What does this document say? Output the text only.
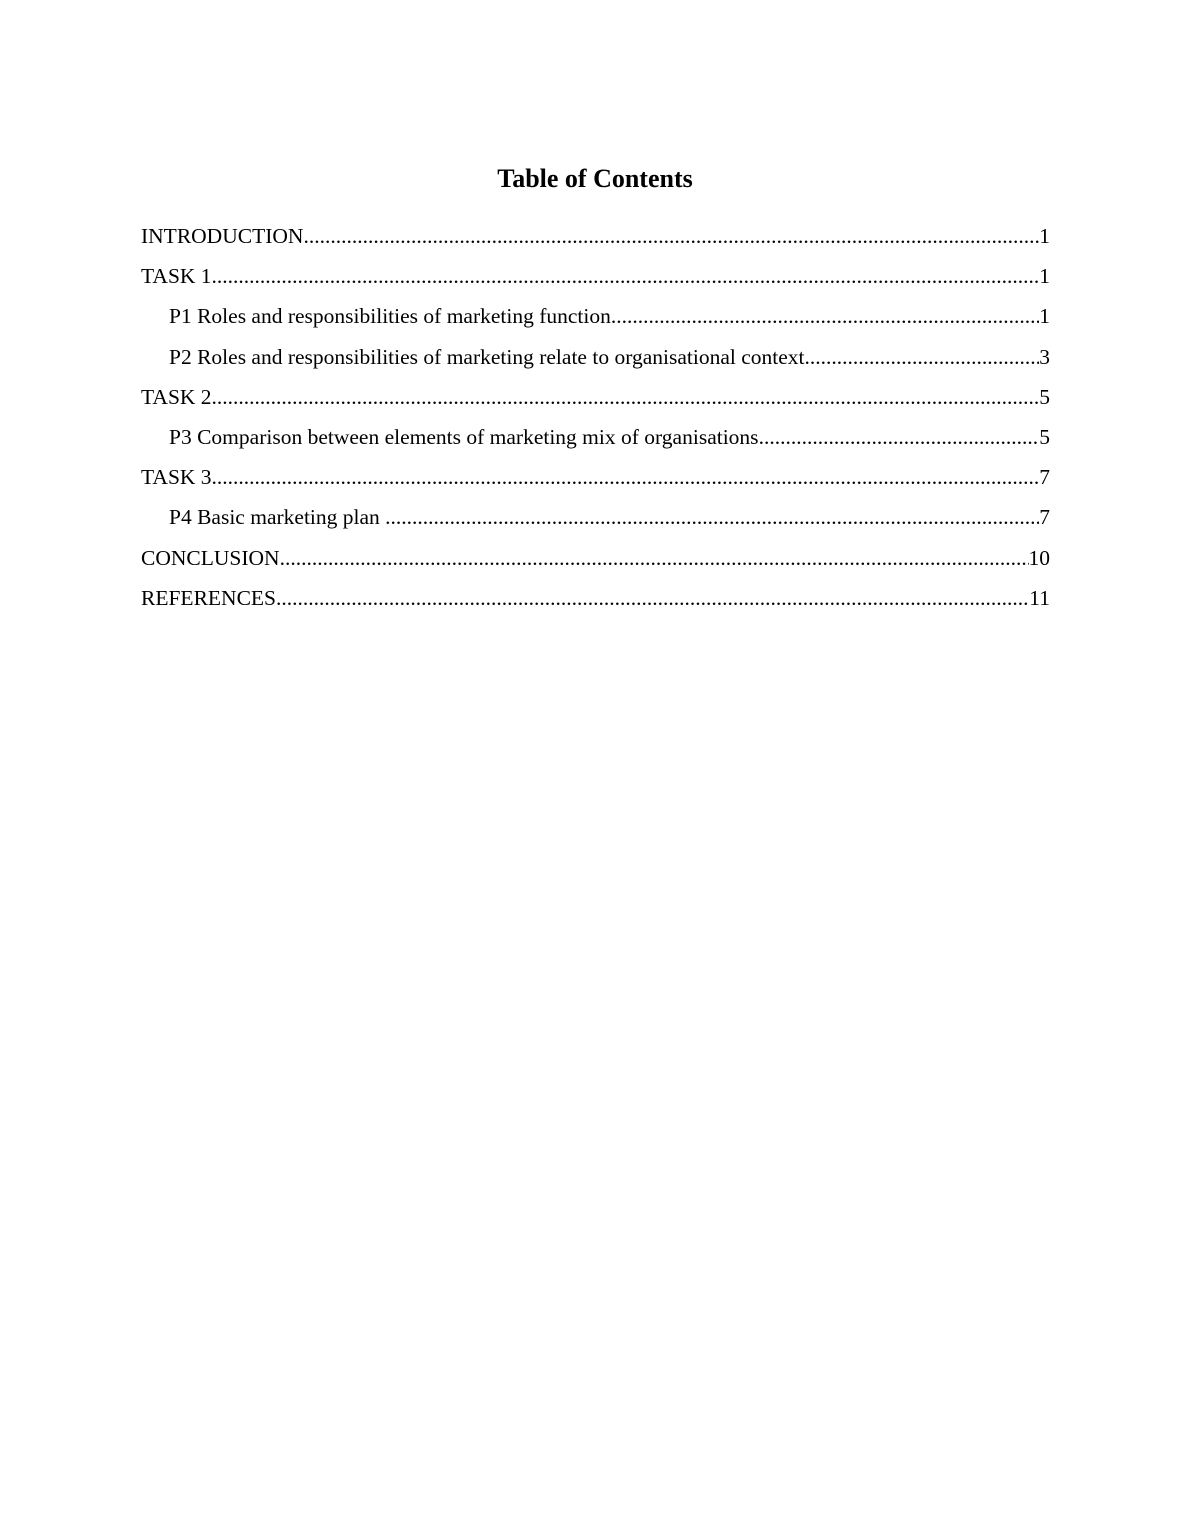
Table of Contents
INTRODUCTION .....	1
TASK 1 .....	1
P1 Roles and responsibilities of marketing function .....	1
P2 Roles and responsibilities of marketing relate to organisational context .....	3
TASK 2 .....	5
P3 Comparison between elements of marketing mix of organisations .....	5
TASK 3 .....	7
P4 Basic marketing plan .....	7
CONCLUSION .....	10
REFERENCES .....	11
